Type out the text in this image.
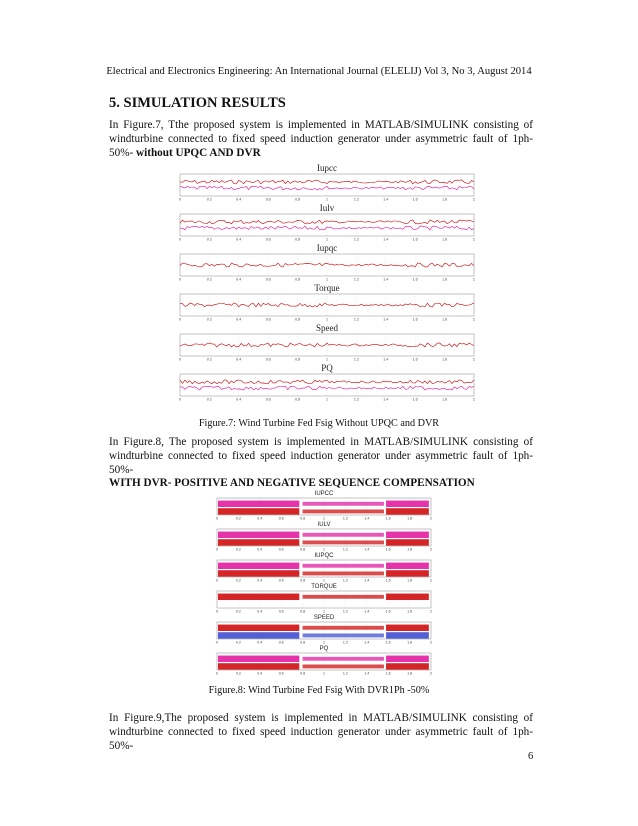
Electrical and Electronics Engineering: An International Journal (ELELIJ) Vol 3, No 3, August 2014
5. SIMULATION RESULTS
In Figure.7, Tthe proposed system is implemented in MATLAB/SIMULINK consisting of windturbine connected to fixed speed induction generator under asymmetric fault of 1ph-50%- without UPQC AND DVR
Iupcc
0	0.2	0.4	0.6	0.8	1	1.2	1.4	1.6	1.8	2
Iulv
0	0.2	0.4	0.6	0.8	1	1.2	1.4	1.6	1.8	2
Iupqc
0	0.2	0.4	0.6	0.8	1	1.2	1.4	1.6	1.8	2
Torque
0	0.2	0.4	0.6	0.8	1	1.2	1.4	1.6	1.8	2
Speed
0	0.2	0.4	0.6	0.8	1	1.2	1.4	1.6	1.8	2
PQ
0	0.2	0.4	0.6	0.8	1	1.2	1.4	1.6	1.8	2
Figure.7: Wind Turbine Fed Fsig Without UPQC and DVR
In Figure.8, The proposed system is implemented in MATLAB/SIMULINK consisting of windturbine connected to fixed speed induction generator under asymmetric fault of 1ph-50%-
WITH DVR- POSITIVE AND NEGATIVE SEQUENCE COMPENSATION
IUPCC
0	0.2	0.4	0.6	0.8	1	1.2	1.4	1.6	1.8	2
IULV
0	0.2	0.4	0.6	0.8	1	1.2	1.4	1.6	1.8	2
IUPQC
0	0.2	0.4	0.6	0.8	1	1.2	1.4	1.6	1.8	2
TORQUE
0	0.2	0.4	0.6	0.8	1	1.2	1.4	1.6	1.8	2
SPEED
0	0.2	0.4	0.6	0.8	1	1.2	1.4	1.6	1.8	2
PQ
0	0.2	0.4	0.6	0.8	1	1.2	1.4	1.6	1.8	2
Figure.8: Wind Turbine Fed Fsig With DVR1Ph -50%
In Figure.9,The proposed system is implemented in MATLAB/SIMULINK consisting of windturbine connected to fixed speed induction generator under asymmetric fault of 1ph-50%-
6
